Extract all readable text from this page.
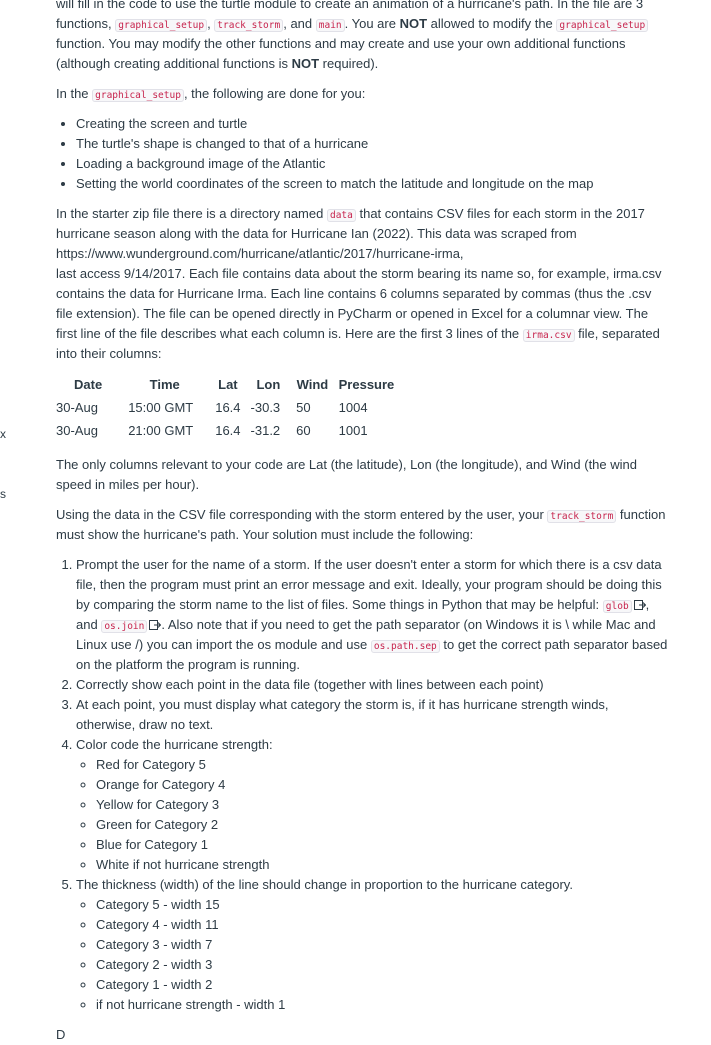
x
s

will fill in the code to use the turtle module to create an animation of a hurricane's path. In the file are 3 functions, graphical_setup , track_storm , and main . You are NOT allowed to modify the graphical_setup function. You may modify the other functions and may create and use your own additional functions (although creating additional functions is NOT required).

In the graphical_setup , the following are done for you:

• Creating the screen and turtle
• The turtle's shape is changed to that of a hurricane
• Loading a background image of the Atlantic
• Setting the world coordinates of the screen to match the latitude and longitude on the map

In the starter zip file there is a directory named data that contains CSV files for each storm in the 2017 hurricane season along with the data for Hurricane Ian (2022). This data was scraped from https://www.wunderground.com/hurricane/atlantic/2017/hurricane-irma,
last access 9/14/2017. Each file contains data about the storm bearing its name so, for example, irma.csv contains the data for Hurricane Irma. Each line contains 6 columns separated by commas (thus the .csv file extension). The file can be opened directly in PyCharm or opened in Excel for a columnar view. The first line of the file describes what each column is. Here are the first 3 lines of the irma.csv file, separated into their columns:

Date	Time	Lat	Lon	Wind	Pressure
30-Aug	15:00 GMT	16.4	-30.3	50	1004
30-Aug	21:00 GMT	16.4	-31.2	60	1001

The only columns relevant to your code are Lat (the latitude), Lon (the longitude), and Wind (the wind speed in miles per hour).

Using the data in the CSV file corresponding with the storm entered by the user, your track_storm function must show the hurricane's path. Your solution must include the following:

1. Prompt the user for the name of a storm. If the user doesn't enter a storm for which there is a csv data file, then the program must print an error message and exit. Ideally, your program should be doing this by comparing the storm name to the list of files. Some things in Python that may be helpful: glob , and os.join . Also note that if you need to get the path separator (on Windows it is \ while Mac and Linux use /) you can import the os module and use os.path.sep to get the correct path separator based on the platform the program is running.
2. Correctly show each point in the data file (together with lines between each point)
3. At each point, you must display what category the storm is, if it has hurricane strength winds, otherwise, draw no text.
4. Color code the hurricane strength:
◦ Red for Category 5
◦ Orange for Category 4
◦ Yellow for Category 3
◦ Green for Category 2
◦ Blue for Category 1
◦ White if not hurricane strength
5. The thickness (width) of the line should change in proportion to the hurricane category.
◦ Category 5 - width 15
◦ Category 4 - width 11
◦ Category 3 - width 7
◦ Category 2 - width 3
◦ Category 1 - width 2
◦ if not hurricane strength - width 1
D
